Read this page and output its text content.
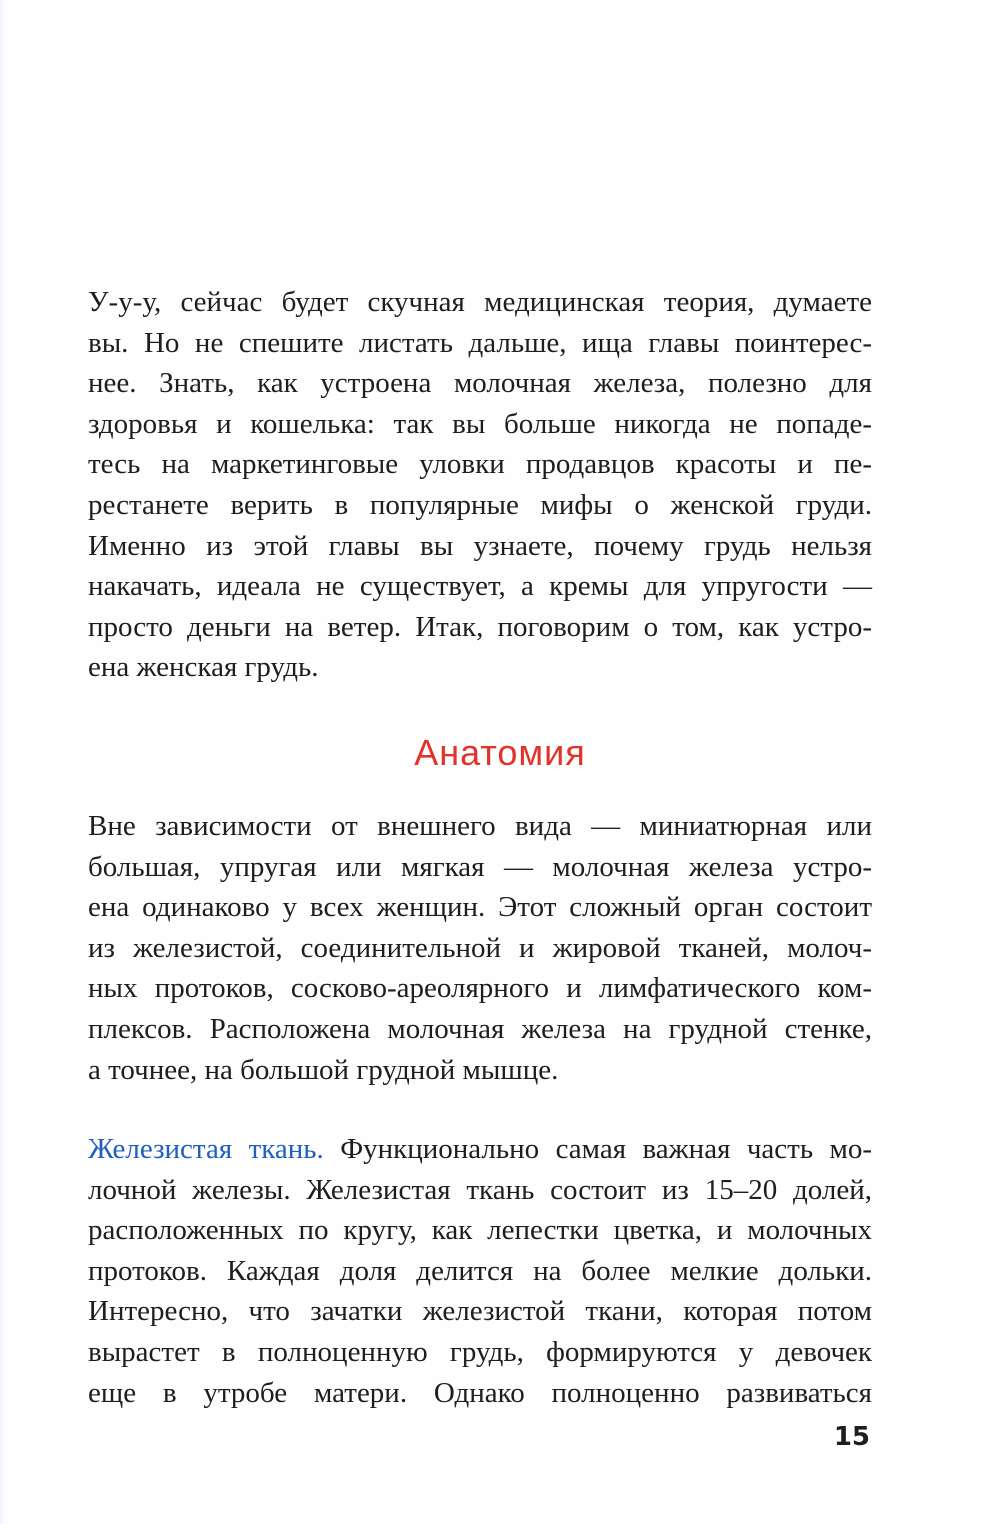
У-у-у, сейчас будет скучная медицинская теория, думаете
вы. Но не спешите листать дальше, ища главы поинтерес-
нее. Знать, как устроена молочная железа, полезно для
здоровья и кошелька: так вы больше никогда не попаде-
тесь на маркетинговые уловки продавцов красоты и пе-
рестанете верить в популярные мифы о женской груди.
Именно из этой главы вы узнаете, почему грудь нельзя
накачать, идеала не существует, а кремы для упругости —
просто деньги на ветер. Итак, поговорим о том, как устро-
ена женская грудь.
Анатомия
Вне зависимости от внешнего вида — миниатюрная или
большая, упругая или мягкая — молочная железа устро-
ена одинаково у всех женщин. Этот сложный орган состоит
из железистой, соединительной и жировой тканей, молоч-
ных протоков, сосково-ареолярного и лимфатического ком-
плексов. Расположена молочная железа на грудной стенке,
а точнее, на большой грудной мышце.
Железистая ткань. Функционально самая важная часть мо-
лочной железы. Железистая ткань состоит из 15–20 долей,
расположенных по кругу, как лепестки цветка, и молочных
протоков. Каждая доля делится на более мелкие дольки.
Интересно, что зачатки железистой ткани, которая потом
вырастет в полноценную грудь, формируются у девочек
еще в утробе матери. Однако полноценно развиваться
15
